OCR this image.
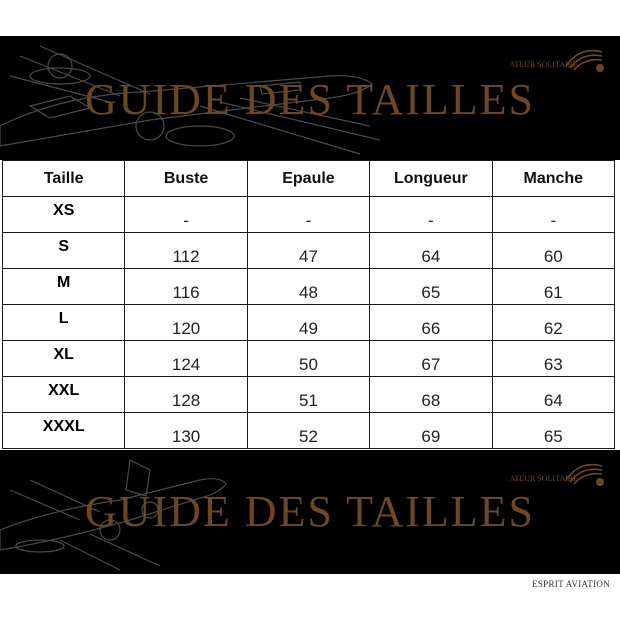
GUIDE DES TAILLES
ATEUR SOLITAIRE
Taille	Buste	Epaule	Longueur	Manche
XS	-	-	-	-
S	112	47	64	60
M	116	48	65	61
L	120	49	66	62
XL	124	50	67	63
XXL	128	51	68	64
XXXL	130	52	69	65
GUIDE DES TAILLES
ATEUR SOLITAIRE
ESPRIT AVIATION
